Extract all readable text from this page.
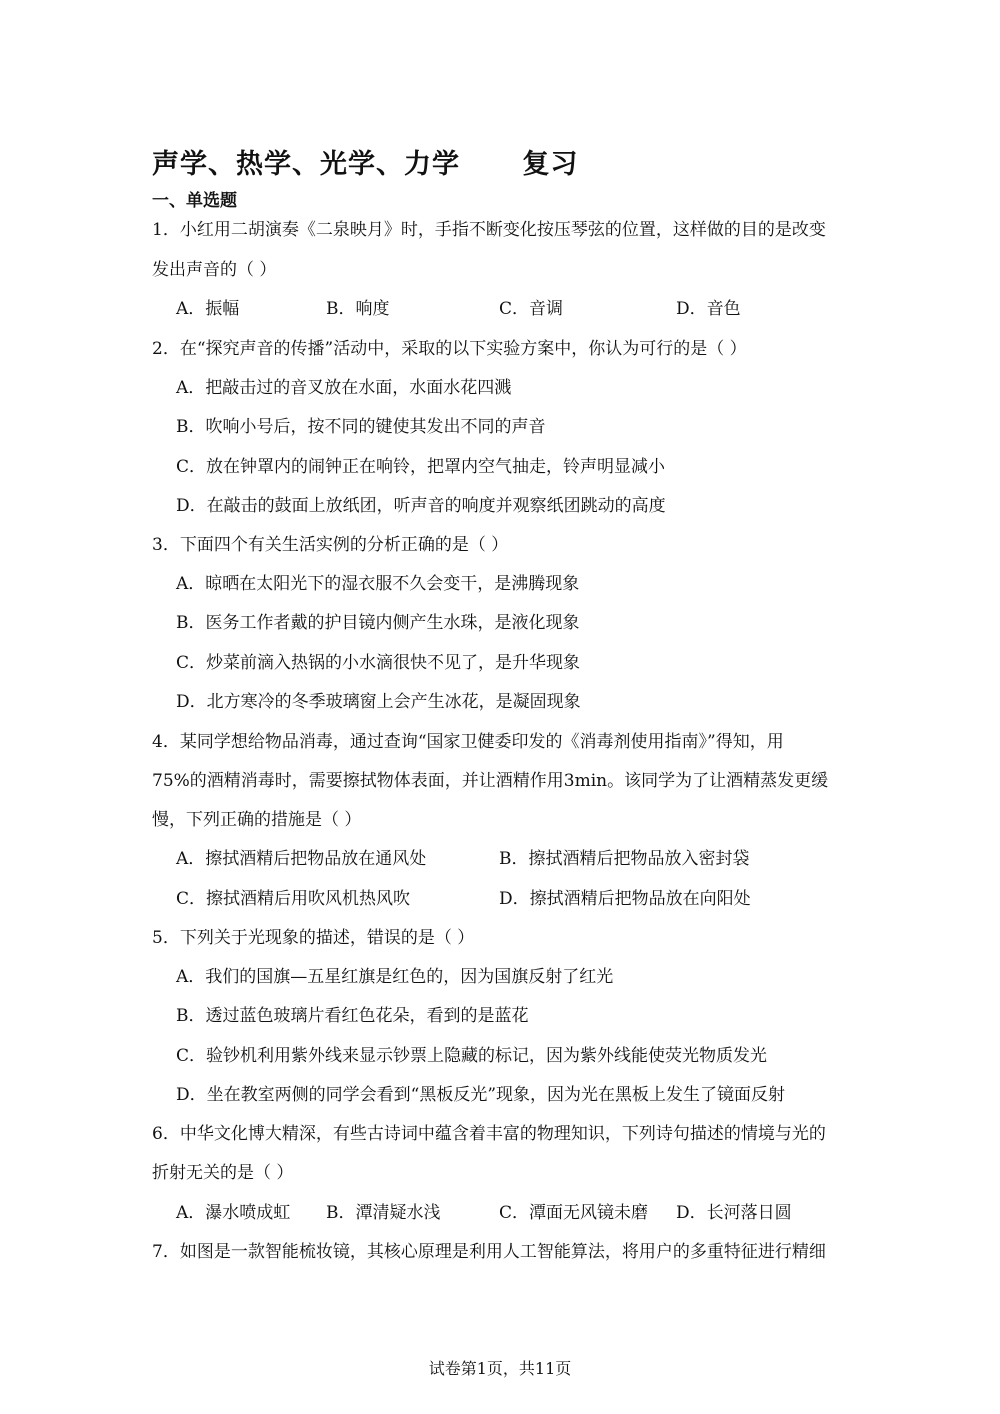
声学、热学、光学、力学      复习
一、单选题
1．小红用二胡演奏《二泉映月》时，手指不断变化按压琴弦的位置，这样做的目的是改变
发出声音的（ ）
A．振幅	B．响度	C．音调	D．音色
2．在“探究声音的传播”活动中，采取的以下实验方案中，你认为可行的是（ ）
A．把敲击过的音叉放在水面，水面水花四溅
B．吹响小号后，按不同的键使其发出不同的声音
C．放在钟罩内的闹钟正在响铃，把罩内空气抽走，铃声明显减小
D．在敲击的鼓面上放纸团，听声音的响度并观察纸团跳动的高度
3．下面四个有关生活实例的分析正确的是（ ）
A．晾晒在太阳光下的湿衣服不久会变干，是沸腾现象
B．医务工作者戴的护目镜内侧产生水珠，是液化现象
C．炒菜前滴入热锅的小水滴很快不见了，是升华现象
D．北方寒冷的冬季玻璃窗上会产生冰花，是凝固现象
4．某同学想给物品消毒，通过查询“国家卫健委印发的《消毒剂使用指南》”得知，用
75%的酒精消毒时，需要擦拭物体表面，并让酒精作用3min。该同学为了让酒精蒸发更缓
慢，下列正确的措施是（ ）
A．擦拭酒精后把物品放在通风处	B．擦拭酒精后把物品放入密封袋
C．擦拭酒精后用吹风机热风吹	D．擦拭酒精后把物品放在向阳处
5．下列关于光现象的描述，错误的是（ ）
A．我们的国旗—五星红旗是红色的，因为国旗反射了红光
B．透过蓝色玻璃片看红色花朵，看到的是蓝花
C．验钞机利用紫外线来显示钞票上隐藏的标记，因为紫外线能使荧光物质发光
D．坐在教室两侧的同学会看到“黑板反光”现象，因为光在黑板上发生了镜面反射
6．中华文化博大精深，有些古诗词中蕴含着丰富的物理知识，下列诗句描述的情境与光的
折射无关的是（ ）
A．瀑水喷成虹 B．潭清疑水浅	C．潭面无风镜未磨 D．长河落日圆
7．如图是一款智能梳妆镜，其核心原理是利用人工智能算法，将用户的多重特征进行精细
试卷第1页，共11页
